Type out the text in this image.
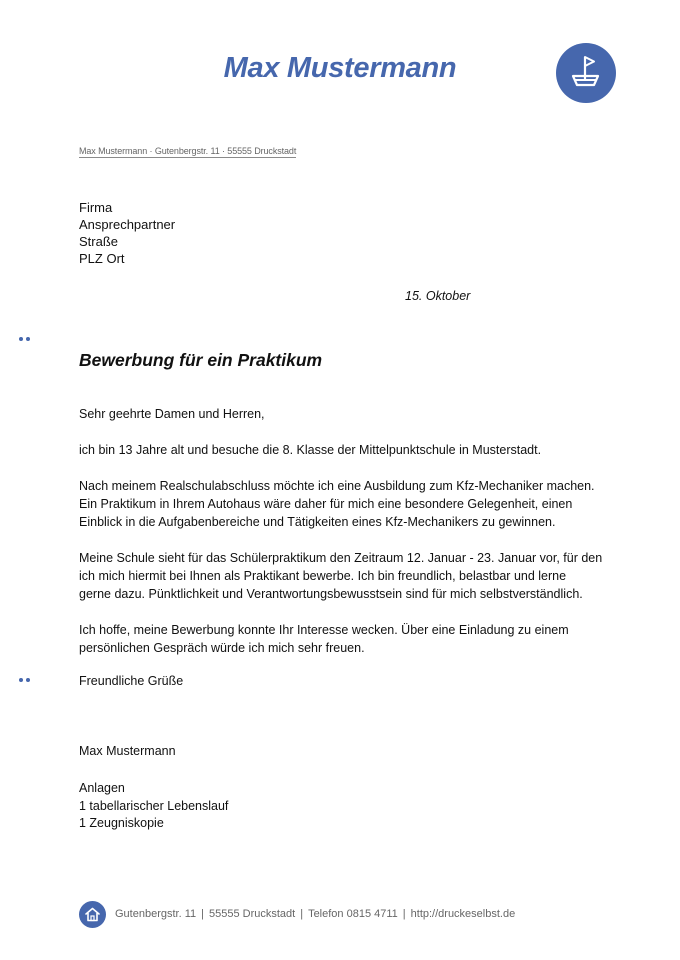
Max Mustermann
Max Mustermann · Gutenbergstr. 11 · 55555 Druckstadt
Firma
Ansprechpartner
Straße
PLZ Ort
15. Oktober
Bewerbung für ein Praktikum

Sehr geehrte Damen und Herren,

ich bin 13 Jahre alt und besuche die 8. Klasse der Mittelpunktschule in Musterstadt.

Nach meinem Realschulabschluss möchte ich eine Ausbildung zum Kfz-Mechaniker machen.
Ein Praktikum in Ihrem Autohaus wäre daher für mich eine besondere Gelegenheit, einen
Einblick in die Aufgabenbereiche und Tätigkeiten eines Kfz-Mechanikers zu gewinnen.

Meine Schule sieht für das Schülerpraktikum den Zeitraum 12. Januar - 23. Januar vor, für den
ich mich hiermit bei Ihnen als Praktikant bewerbe. Ich bin freundlich, belastbar und lerne
gerne dazu. Pünktlichkeit und Verantwortungsbewusstsein sind für mich selbstverständlich.

Ich hoffe, meine Bewerbung konnte Ihr Interesse wecken. Über eine Einladung zu einem
persönlichen Gespräch würde ich mich sehr freuen.

Freundliche Grüße
Max Mustermann
Anlagen
1 tabellarischer Lebenslauf
1 Zeugniskopie
Gutenbergstr. 11 | 55555 Druckstadt | Telefon 0815 4711 | http://druckeselbst.de
